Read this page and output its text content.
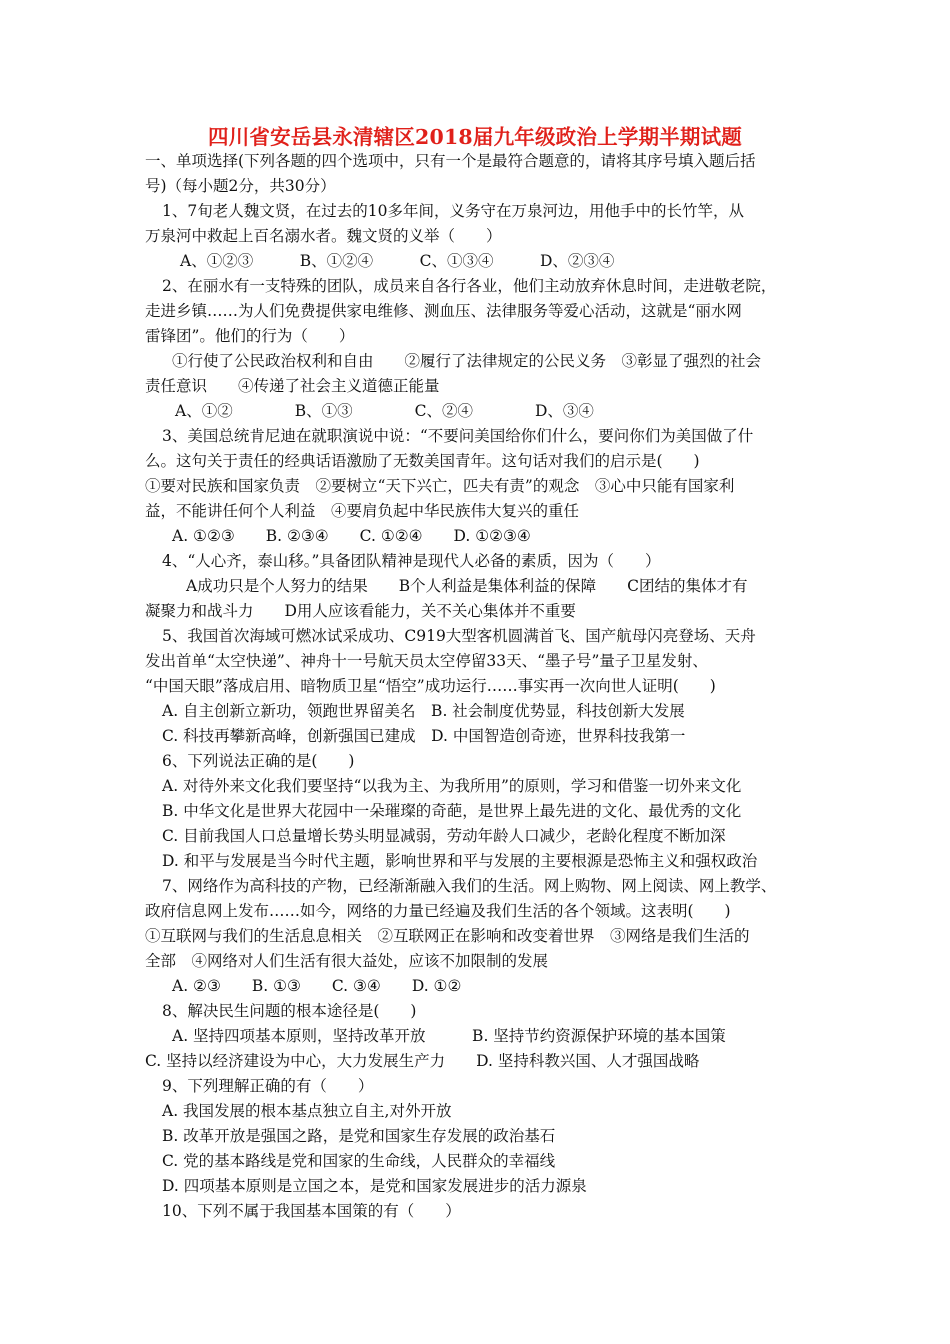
四川省安岳县永清辖区2018届九年级政治上学期半期试题
一、单项选择(下列各题的四个选项中，只有一个是最符合题意的，请将其序号填入题后括
号)（每小题2分，共30分）
1、7旬老人魏文贤，在过去的10多年间，义务守在万泉河边，用他手中的长竹竿，从
万泉河中救起上百名溺水者。魏文贤的义举（　　）
A、①②③　　　B、①②④　　　C、①③④　　　D、②③④
2、在丽水有一支特殊的团队，成员来自各行各业，他们主动放弃休息时间，走进敬老院，
走进乡镇……为人们免费提供家电维修、测血压、法律服务等爱心活动，这就是“丽水网
雷锋团”。他们的行为（　　）
①行使了公民政治权利和自由　　②履行了法律规定的公民义务　③彰显了强烈的社会
责任意识　　④传递了社会主义道德正能量
A、①②　　　　B、①③　　　　C、②④　　　　D、③④
3、美国总统肯尼迪在就职演说中说：“不要问美国给你们什么，要问你们为美国做了什
么。这句关于责任的经典话语激励了无数美国青年。这句话对我们的启示是(　　)
①要对民族和国家负责　②要树立“天下兴亡，匹夫有责”的观念　③心中只能有国家利
益，不能讲任何个人利益　④要肩负起中华民族伟大复兴的重任
A. ①②③　　B. ②③④　　C. ①②④　　D. ①②③④
4、“人心齐，泰山移。”具备团队精神是现代人必备的素质，因为（　　）
A成功只是个人努力的结果　　B个人利益是集体利益的保障　　C团结的集体才有
凝聚力和战斗力　　D用人应该看能力，关不关心集体并不重要
5、我国首次海域可燃冰试采成功、C919大型客机圆满首飞、国产航母闪亮登场、天舟
发出首单“太空快递”、神舟十一号航天员太空停留33天、“墨子号”量子卫星发射、
“中国天眼”落成启用、暗物质卫星“悟空”成功运行……事实再一次向世人证明(　　)
A. 自主创新立新功，领跑世界留美名　B. 社会制度优势显，科技创新大发展
C. 科技再攀新高峰，创新强国已建成　D. 中国智造创奇迹，世界科技我第一
6、下列说法正确的是(　　)
A. 对待外来文化我们要坚持“以我为主、为我所用”的原则，学习和借鉴一切外来文化
B. 中华文化是世界大花园中一朵璀璨的奇葩，是世界上最先进的文化、最优秀的文化
C. 目前我国人口总量增长势头明显减弱，劳动年龄人口减少，老龄化程度不断加深
D. 和平与发展是当今时代主题，影响世界和平与发展的主要根源是恐怖主义和强权政治
7、网络作为高科技的产物，已经渐渐融入我们的生活。网上购物、网上阅读、网上教学、
政府信息网上发布……如今，网络的力量已经遍及我们生活的各个领域。这表明(　　)
①互联网与我们的生活息息相关　②互联网正在影响和改变着世界　③网络是我们生活的
全部　④网络对人们生活有很大益处，应该不加限制的发展
A. ②③　　B. ①③　　C. ③④　　D. ①②
8、解决民生问题的根本途径是(　　)
A. 坚持四项基本原则，坚持改革开放　　　B. 坚持节约资源保护环境的基本国策
C. 坚持以经济建设为中心，大力发展生产力　　D. 坚持科教兴国、人才强国战略
9、下列理解正确的有（　　）
A. 我国发展的根本基点独立自主,对外开放
B. 改革开放是强国之路，是党和国家生存发展的政治基石
C. 党的基本路线是党和国家的生命线，人民群众的幸福线
D. 四项基本原则是立国之本，是党和国家发展进步的活力源泉
10、下列不属于我国基本国策的有（　　）
